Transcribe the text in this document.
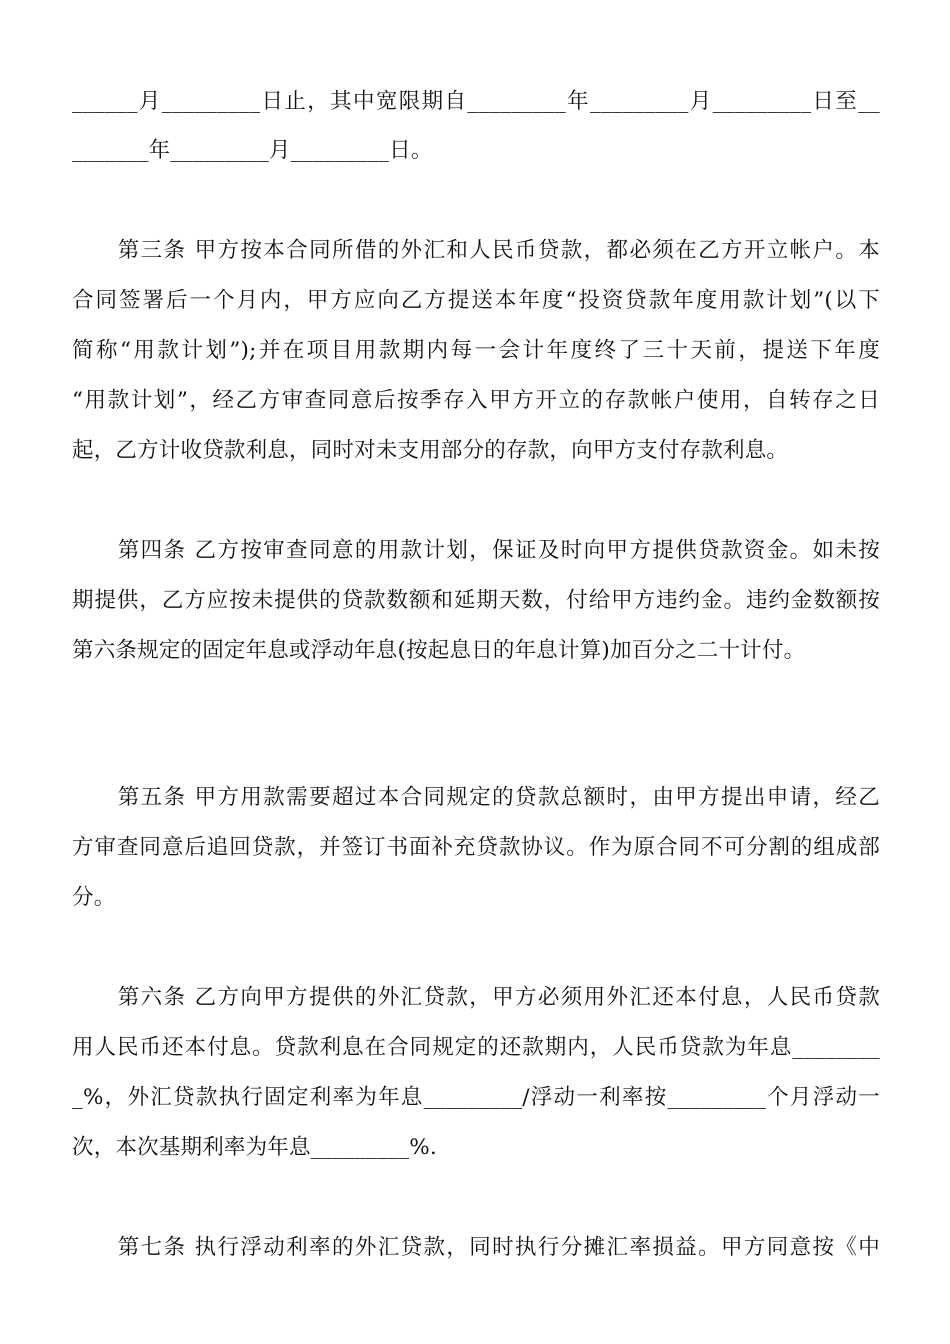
______月_________日止，其中宽限期自_________年_________月_________日至__
_______年_________月_________日。
　　第三条 甲方按本合同所借的外汇和人民币贷款，都必须在乙方开立帐户。本
合同签署后一个月内，甲方应向乙方提送本年度“投资贷款年度用款计划”(以下
简称“用款计划”);并在项目用款期内每一会计年度终了三十天前，提送下年度
“用款计划”，经乙方审查同意后按季存入甲方开立的存款帐户使用，自转存之日
起，乙方计收贷款利息，同时对未支用部分的存款，向甲方支付存款利息。
　　第四条 乙方按审查同意的用款计划，保证及时向甲方提供贷款资金。如未按
期提供，乙方应按未提供的贷款数额和延期天数，付给甲方违约金。违约金数额按
第六条规定的固定年息或浮动年息(按起息日的年息计算)加百分之二十计付。
　　第五条 甲方用款需要超过本合同规定的贷款总额时，由甲方提出申请，经乙
方审查同意后追回贷款，并签订书面补充贷款协议。作为原合同不可分割的组成部
分。
　　第六条 乙方向甲方提供的外汇贷款，甲方必须用外汇还本付息，人民币贷款
用人民币还本付息。贷款利息在合同规定的还款期内，人民币贷款为年息________
_%，外汇贷款执行固定利率为年息_________/浮动一利率按_________个月浮动一
次，本次基期利率为年息_________%.
　　第七条 执行浮动利率的外汇贷款，同时执行分摊汇率损益。甲方同意按《中
